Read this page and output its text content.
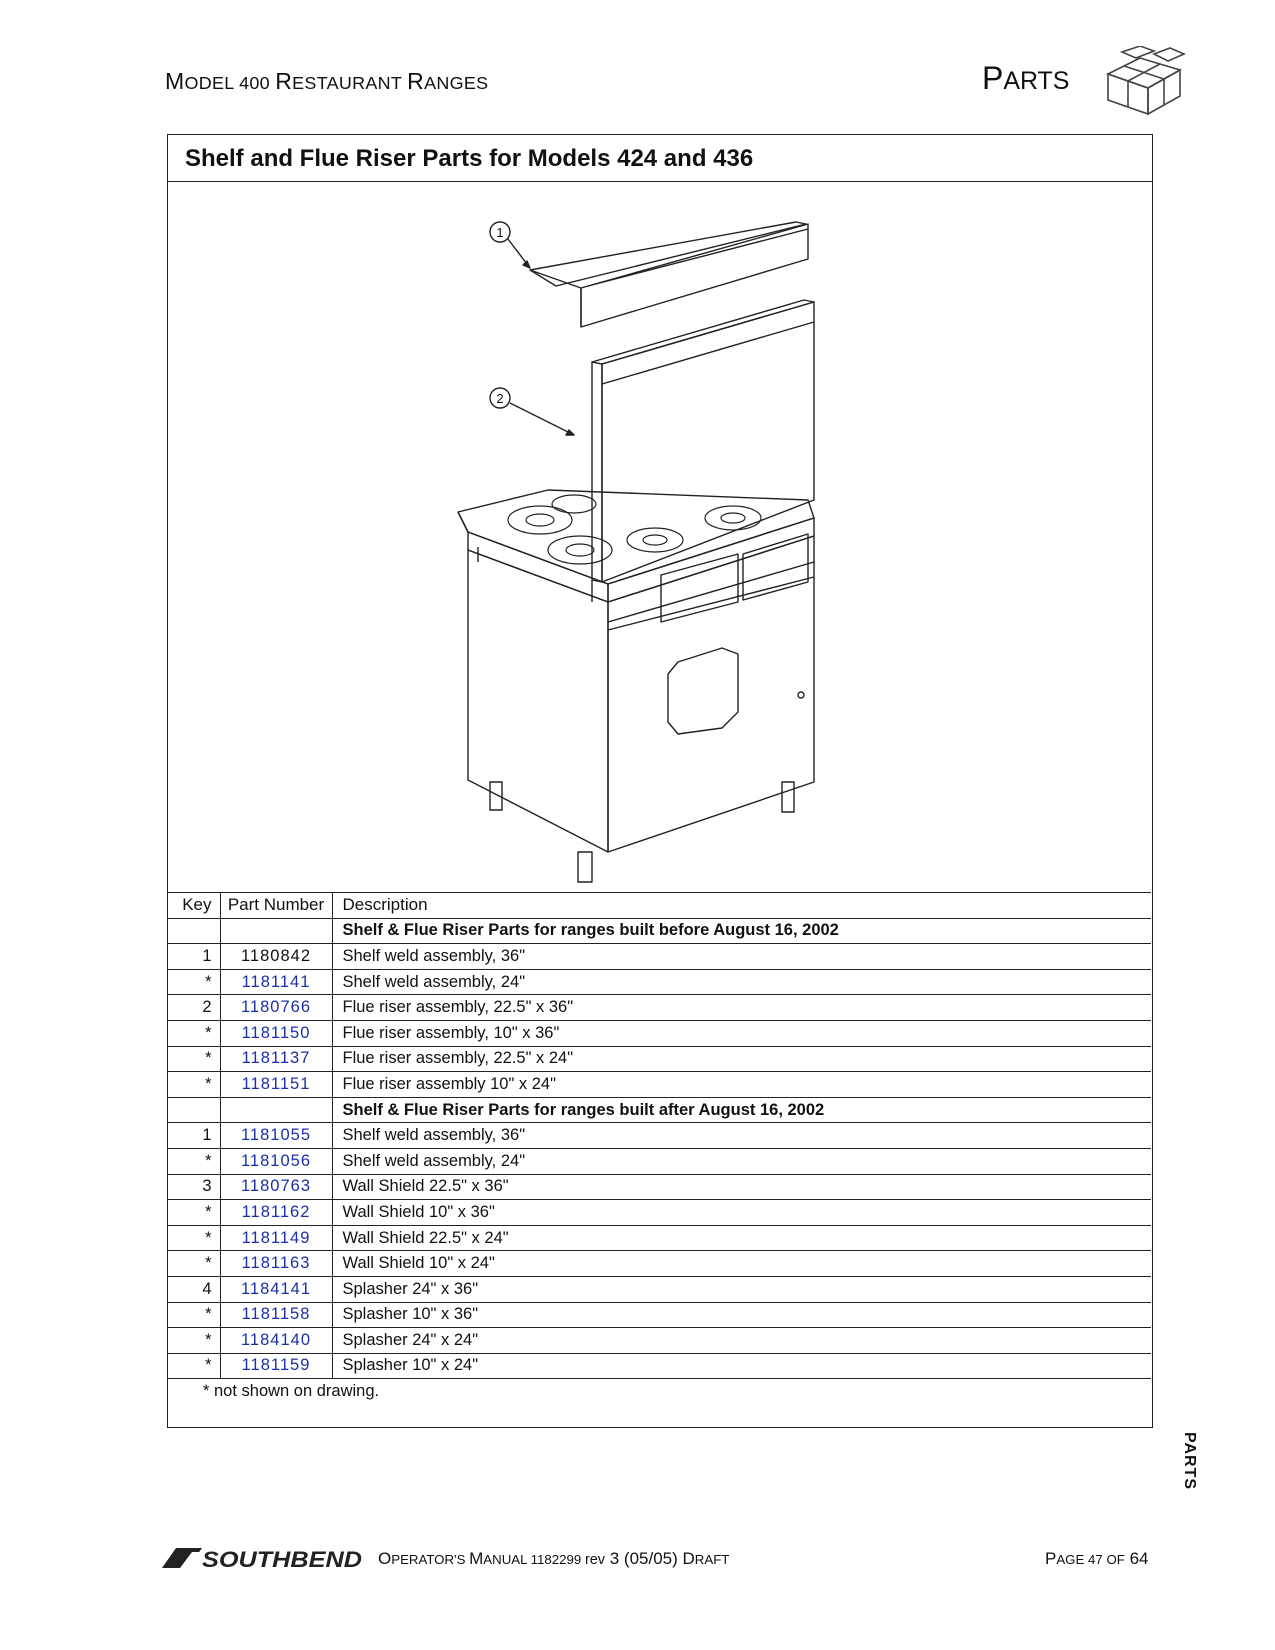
MODEL 400 RESTAURANT RANGES	PARTS
Shelf and Flue Riser Parts for Models 424 and 436
1
2
Key	Part Number	Description
		Shelf & Flue Riser Parts for ranges built before August 16, 2002
1	1180842	Shelf weld assembly, 36"
*	1181141	Shelf weld assembly, 24"
2	1180766	Flue riser assembly, 22.5" x 36"
*	1181150	Flue riser assembly, 10" x 36"
*	1181137	Flue riser assembly, 22.5" x 24"
*	1181151	Flue riser assembly 10" x 24"
		Shelf & Flue Riser Parts for ranges built after August 16, 2002
1	1181055	Shelf weld assembly, 36"
*	1181056	Shelf weld assembly, 24"
3	1180763	Wall Shield 22.5" x 36"
*	1181162	Wall Shield 10" x 36"
*	1181149	Wall Shield 22.5" x 24"
*	1181163	Wall Shield 10" x 24"
4	1184141	Splasher 24" x 36"
*	1181158	Splasher 10" x 36"
*	1184140	Splasher 24" x 24"
*	1181159	Splasher 10" x 24"
* not shown on drawing.		
PARTS
SOUTHBEND OPERATOR'S MANUAL 1182299 rev 3 (05/05) DRAFT	PAGE 47 OF 64
